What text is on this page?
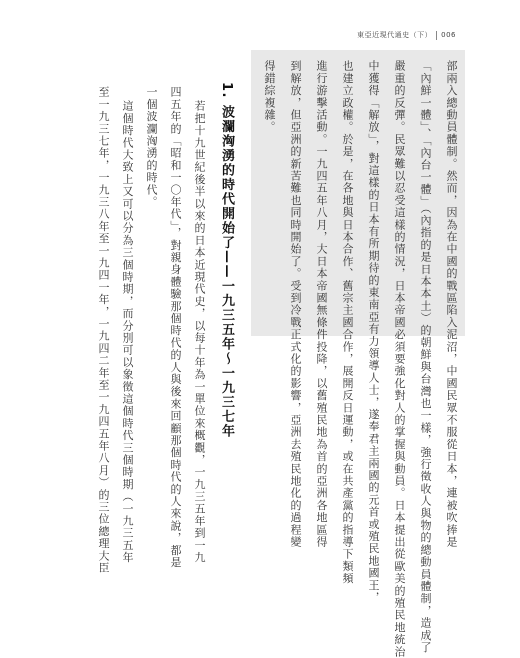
東亞近現代通史（下） 006
部兩入總動員體制。然而，因為在中國的戰區陷入泥沼，中國民眾不服從日本，連被吹捧是
「內鮮一體」、「內台一體」（內指的是日本本土）的朝鮮與台灣也一樣，強行徵收人與物的總動員體制，造成了
嚴重的反彈。民眾難以忍受這樣的情況，日本帝國必須要強化對人的掌握與動員。日本提出從歐美的殖民地統治
中獲得「解放」，對這樣的日本有所期待的東南亞有力領導人士，遂奉君主兩國的元首或殖民地國王，
也建立政權。於是，在各地與日本合作、舊宗主國合作，展開反日運動，或在共產黨的指導下類頻
進行游擊活動。一九四五年八月，大日本帝國無條件投降，以舊殖民地為首的亞洲各地區得
到解放，但亞洲的新苦難也同時開始了。受到冷戰正式化的影響，亞洲去殖民地化的過程變
得錯綜複雜。
1. 波瀾洶湧的時代開始了——一九三五年～一九三七年
若把十九世紀後半以來的日本近現代史，以每十年為一單位來概觀，一九三五年到一九
四五年的「昭和一〇年代」，對親身體驗那個時代的人與後來回顧那個時代的人來說，都是
一個波瀾洶湧的時代。
這個時代大致上又可以分為三個時期，而分別可以象徵這個時代三個時期（一九三五年
至一九三七年，一九三八年至一九四一年，一九四二年至一九四五年八月）的三位總理大臣
